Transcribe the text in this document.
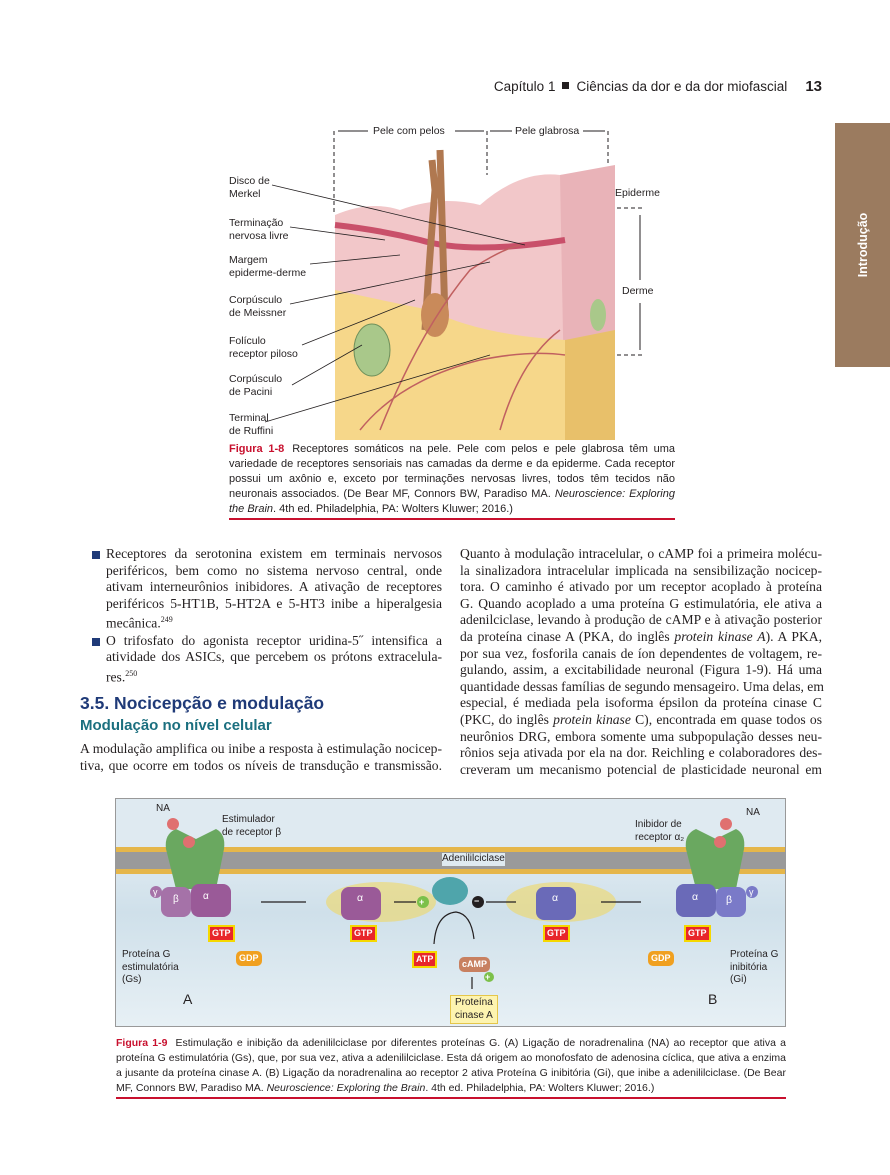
Capítulo 1 Ciências da dor e da dor miofascial 13
Introdução
Pele com pelos	Pele glabrosa
Epiderme
Derme
Disco de
Merkel
Terminação
nervosa livre
Margem
epiderme-derme
Corpúsculo
de Meissner
Folículo
receptor piloso
Corpúsculo
de Pacini
Terminal
de Ruffini
Figura 1-8 Receptores somáticos na pele. Pele com pelos e pele glabrosa têm uma variedade de receptores sensoriais nas camadas da derme e da epiderme. Cada receptor possui um axônio e, exceto por terminações nervosas livres, todos têm tecidos não neuronais associados. (De Bear MF, Connors BW, Paradiso MA. Neuroscience: Exploring the Brain. 4th ed. Philadelphia, PA: Wolters Kluwer; 2016.)
Receptores da serotonina existem em terminais nervosos
periféricos, bem como no sistema nervoso central, onde
ativam interneurônios inibidores. A ativação de receptores
periféricos 5-HT1B, 5-HT2A e 5-HT3 inibe a hiperalgesia
mecânica.$^{249}$
O trifosfato do agonista receptor uridina-5˝ intensifica a
atividade dos ASICs, que percebem os prótons extracelula-
res.$^{250}$
3.5. Nocicepção e modulação
Modulação no nível celular
A modulação amplifica ou inibe a resposta à estimulação nocicep-
tiva, que ocorre em todos os níveis de transdução e transmissão.
Quanto à modulação intracelular, o cAMP foi a primeira molécu-
la sinalizadora intracelular implicada na sensibilização nocicep-
tora. O caminho é ativado por um receptor acoplado à proteína
G. Quando acoplado a uma proteína G estimulatória, ele ativa a
adenilciclase, levando à produção de cAMP e à ativação posterior
da proteína cinase A (PKA, do inglês protein kinase A). A PKA,
por sua vez, fosforila canais de íon dependentes de voltagem, re-
gulando, assim, a excitabilidade neuronal (Figura 1-9). Há uma
quantidade dessas famílias de segundo mensageiro. Uma delas, em
especial, é mediada pela isoforma épsilon da proteína cinase C
(PKC, do inglês protein kinase C), encontrada em quase todos os
neurônios DRG, embora somente uma subpopulação desses neu-
rônios seja ativada por ela na dor. Reichling e colaboradores des-
creveram um mecanismo potencial de plasticidade neuronal em
NA	NA
Estimulador
de receptor β
Inibidor de
receptor α₂
Adenililciclase
Proteína G
estimulatória
(Gs)
Proteína G
inibitória
(Gi)
α
β
γ	α	α	α	β
γ
GTP	GTP	GTP	GTP
ATP
GDP	GDP
cAMP
Proteína
cinase A
A	B
+	−
+
Figura 1-9 Estimulação e inibição da adenililciclase por diferentes proteínas G. (A) Ligação de noradrenalina (NA) ao receptor que ativa a proteína G estimulatória (Gs), que, por sua vez, ativa a adenililciclase. Esta dá origem ao monofosfato de adenosina cíclica, que ativa a enzima a jusante da proteína cinase A. (B) Ligação da noradrenalina ao receptor 2 ativa Proteína G inibitória (Gi), que inibe a adenililciclase. (De Bear MF, Connors BW, Paradiso MA. Neuroscience: Exploring the Brain. 4th ed. Philadelphia, PA: Wolters Kluwer; 2016.)
